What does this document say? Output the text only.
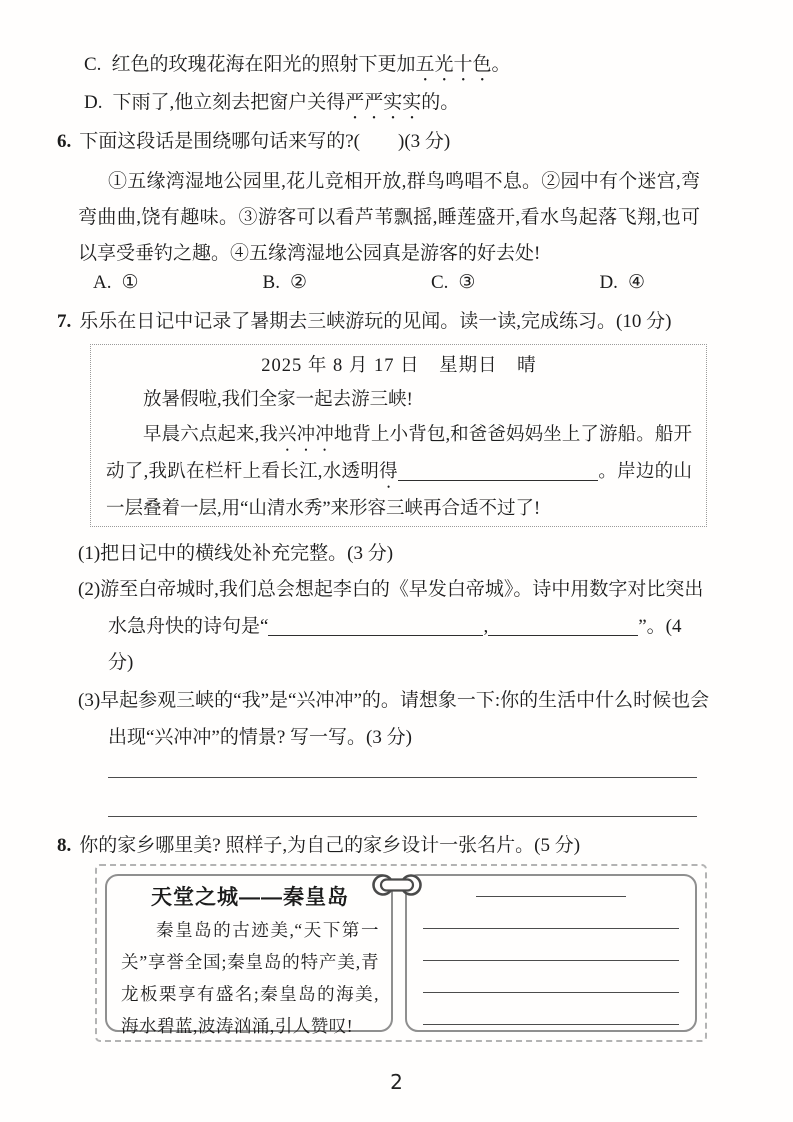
C. 红色的玫瑰花海在阳光的照射下更加五光十色。
D. 下雨了,他立刻去把窗户关得严严实实的。
6. 下面这段话是围绕哪句话来写的?(　　)(3 分)
①五缘湾湿地公园里,花儿竞相开放,群鸟鸣唱不息。②园中有个迷宫,弯弯曲曲,饶有趣味。③游客可以看芦苇飘摇,睡莲盛开,看水鸟起落飞翔,也可以享受垂钓之趣。④五缘湾湿地公园真是游客的好去处!
A. ①	B. ②	C. ③	D. ④
7. 乐乐在日记中记录了暑期去三峡游玩的见闻。读一读,完成练习。(10 分)
2025 年 8 月 17 日　星期日　晴
放暑假啦,我们全家一起去游三峡!
早晨六点起来,我兴冲冲地背上小背包,和爸爸妈妈坐上了游船。船开动了,我趴在栏杆上看长江,水透明得	。岸边的山一层叠着一层,用“山清水秀”来形容三峡再合适不过了!
(1)把日记中的横线处补充完整。(3 分)
(2)游至白帝城时,我们总会想起李白的《早发白帝城》。诗中用数字对比突出水急舟快的诗句是“	,	”。(4 分)
(3)早起参观三峡的“我”是“兴冲冲”的。请想象一下:你的生活中什么时候也会出现“兴冲冲”的情景? 写一写。(3 分)
8. 你的家乡哪里美? 照样子,为自己的家乡设计一张名片。(5 分)
天堂之城——秦皇岛
秦皇岛的古迹美,“天下第一关”享誉全国;秦皇岛的特产美,青龙板栗享有盛名;秦皇岛的海美,海水碧蓝,波涛汹涌,引人赞叹!
2
